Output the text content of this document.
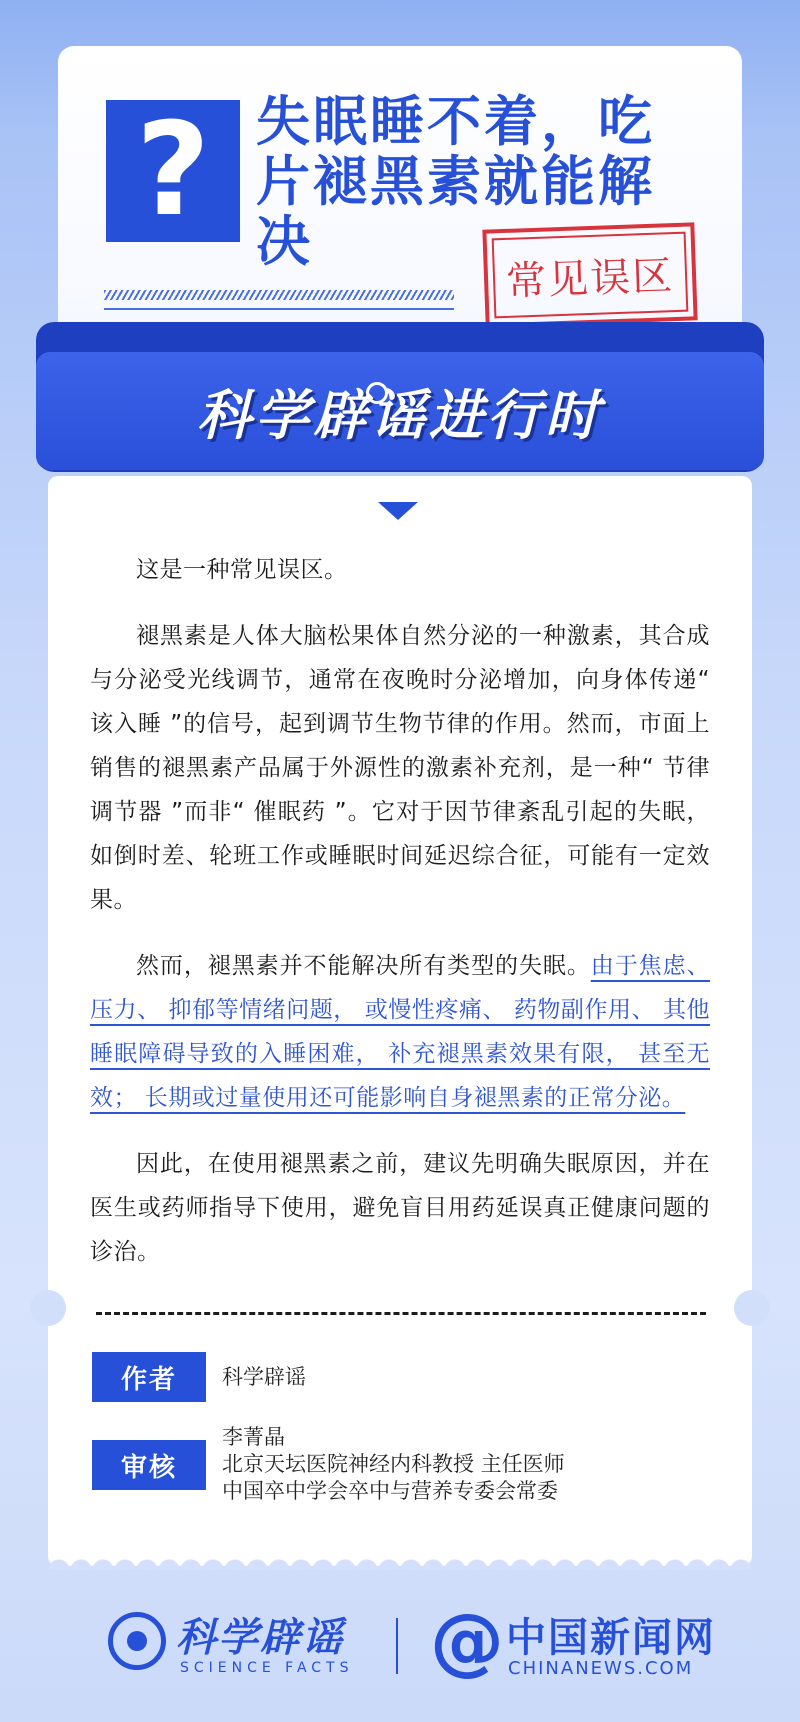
? 失眠睡不着，吃片褪黑素就能解决
常见误区
科学辟谣进行时

这是一种常见误区。

褪黑素是人体大脑松果体自然分泌的一种激素，其合成与分泌受光线调节，通常在夜晚时分泌增加，向身体传递“ 该入睡 ”的信号，起到调节生物节律的作用。然而，市面上销售的褪黑素产品属于外源性的激素补充剂，是一种“ 节律调节器 ”而非“ 催眠药 ”。它对于因节律紊乱引起的失眠，如倒时差、轮班工作或睡眠时间延迟综合征，可能有一定效果。

然而，褪黑素并不能解决所有类型的失眠。由于焦虑、 压力、 抑郁等情绪问题， 或慢性疼痛、 药物副作用、 其他睡眠障碍导致的入睡困难， 补充褪黑素效果有限， 甚至无效； 长期或过量使用还可能影响自身褪黑素的正常分泌。

因此，在使用褪黑素之前，建议先明确失眠原因，并在医生或药师指导下使用，避免盲目用药延误真正健康问题的诊治。

作者	科学辟谣
审核
李菁晶
北京天坛医院神经内科教授 主任医师
中国卒中学会卒中与营养专委会常委
科学辟谣
SCIENCE FACTS @ 中国新闻网
CHINANEWS.COM
